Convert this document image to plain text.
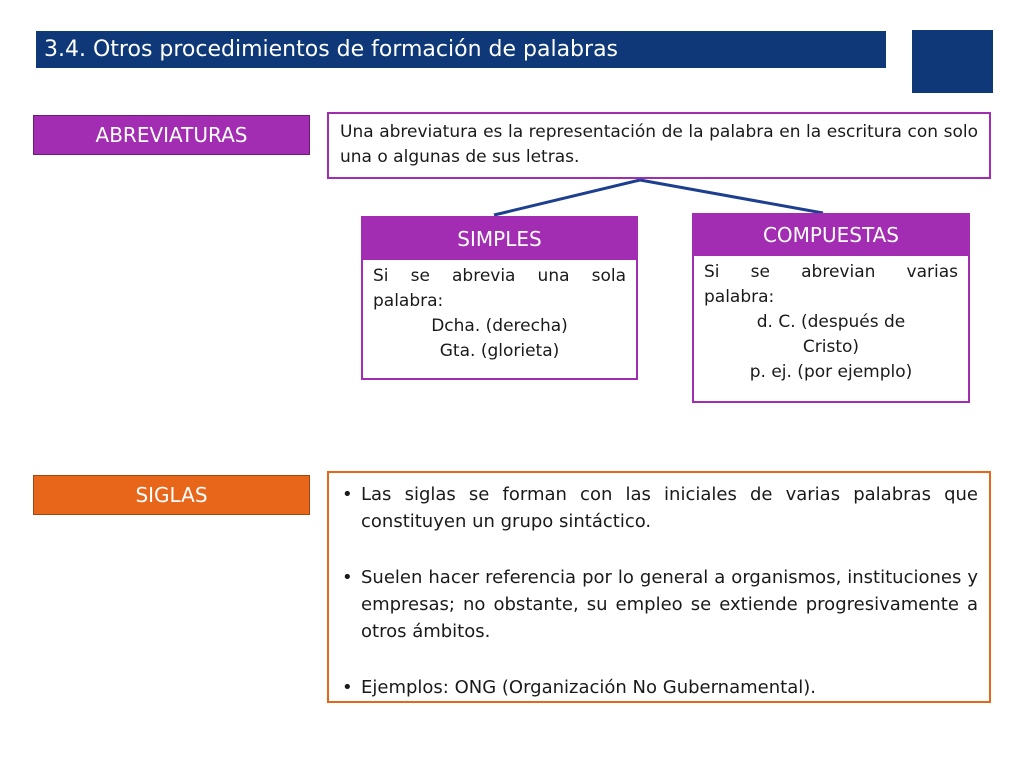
3.4. Otros procedimientos de formación de palabras
ABREVIATURAS	Una abreviatura es la representación de la palabra en la escritura con solo una o algunas de sus letras.
SIMPLES
Si se abrevia una sola
palabra:
Dcha. (derecha)
Gta. (glorieta)
COMPUESTAS
Si se abrevian varias
palabra:
d. C. (después de
Cristo)
p. ej. (por ejemplo)
SIGLAS
•	Las siglas se forman con las iniciales de varias palabras que constituyen un grupo sintáctico.
• Suelen hacer referencia por lo general a organismos, instituciones y empresas; no obstante, su empleo se extiende progresivamente a otros ámbitos.
• Ejemplos: ONG (Organización No Gubernamental).
